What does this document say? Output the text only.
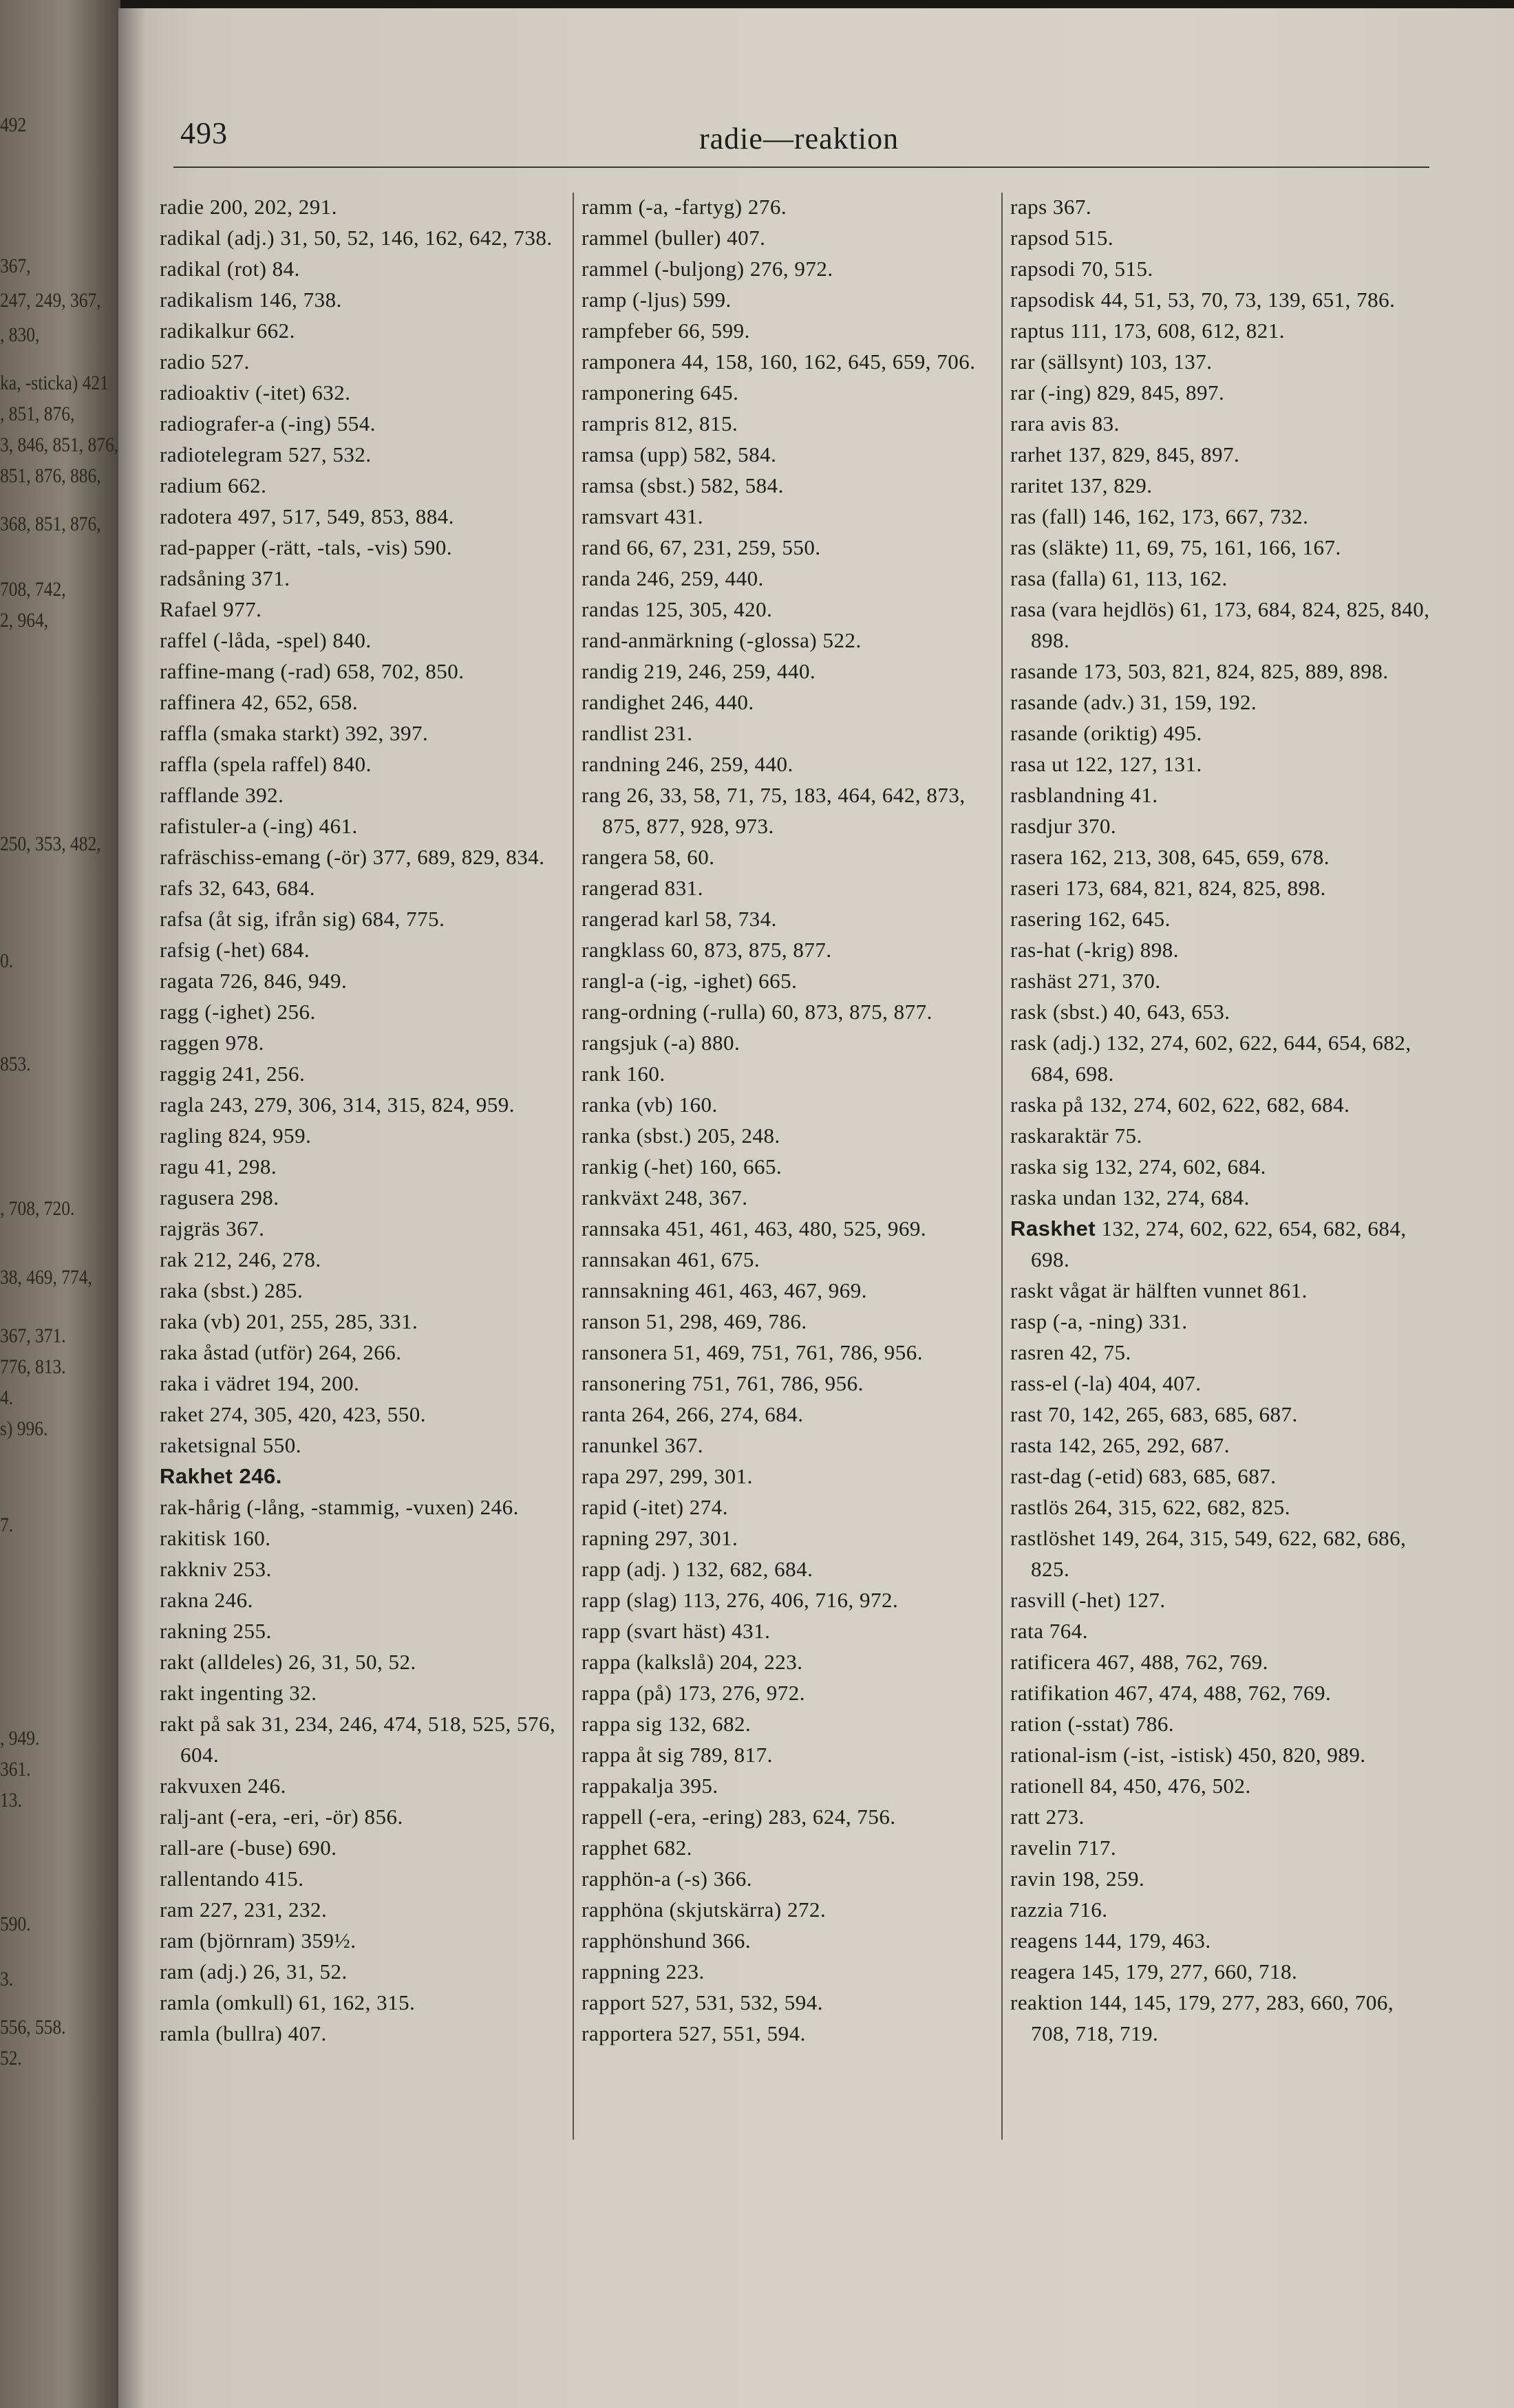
492
367,
247, 249, 367,
, 830,
ka, -sticka) 421
, 851, 876,
3, 846, 851, 876,
851, 876, 886,
368, 851, 876,
708, 742,
2, 964,
250, 353, 482,
0.
853.
, 708, 720.
38, 469, 774,
367, 371.
776, 813.
4.
s) 996.
7.
, 949.
361.
13.
590.
3.
556, 558.
52.
493	radie—reaktion

radie 200, 202, 291.

radikal (adj.) 31, 50, 52, 146, 162, 642, 738.

radikal (rot) 84.

radikalism 146, 738.

radikalkur 662.

radio 527.

radioaktiv (-itet) 632.

radiografer-a (-ing) 554.

radiotelegram 527, 532.

radium 662.

radotera 497, 517, 549, 853, 884.

rad-papper (-rätt, -tals, -vis) 590.

radsåning 371.

Rafael 977.

raffel (-låda, -spel) 840.

raffine-mang (-rad) 658, 702, 850.

raffinera 42, 652, 658.

raffla (smaka starkt) 392, 397.

raffla (spela raffel) 840.

rafflande 392.

rafistuler-a (-ing) 461.

rafräschiss-emang (-ör) 377, 689, 829, 834.

rafs 32, 643, 684.

rafsa (åt sig, ifrån sig) 684, 775.

rafsig (-het) 684.

ragata 726, 846, 949.

ragg (-ighet) 256.

raggen 978.

raggig 241, 256.

ragla 243, 279, 306, 314, 315, 824, 959.

ragling 824, 959.

ragu 41, 298.

ragusera 298.

rajgräs 367.

rak 212, 246, 278.

raka (sbst.) 285.

raka (vb) 201, 255, 285, 331.

raka åstad (utför) 264, 266.

raka i vädret 194, 200.

raket 274, 305, 420, 423, 550.

raketsignal 550.

Rakhet 246.

rak-hårig (-lång, -stammig, -vuxen) 246.

rakitisk 160.

rakkniv 253.

rakna 246.

rakning 255.

rakt (alldeles) 26, 31, 50, 52.

rakt ingenting 32.

rakt på sak 31, 234, 246, 474, 518, 525, 576, 604.

rakvuxen 246.

ralj-ant (-era, -eri, -ör) 856.

rall-are (-buse) 690.

rallentando 415.

ram 227, 231, 232.

ram (björnram) 359½.

ram (adj.) 26, 31, 52.

ramla (omkull) 61, 162, 315.

ramla (bullra) 407.

ramm (-a, -fartyg) 276.

rammel (buller) 407.

rammel (-buljong) 276, 972.

ramp (-ljus) 599.

rampfeber 66, 599.

ramponera 44, 158, 160, 162, 645, 659, 706.

ramponering 645.

rampris 812, 815.

ramsa (upp) 582, 584.

ramsa (sbst.) 582, 584.

ramsvart 431.

rand 66, 67, 231, 259, 550.

randa 246, 259, 440.

randas 125, 305, 420.

rand-anmärkning (-glossa) 522.

randig 219, 246, 259, 440.

randighet 246, 440.

randlist 231.

randning 246, 259, 440.

rang 26, 33, 58, 71, 75, 183, 464, 642, 873, 875, 877, 928, 973.

rangera 58, 60.

rangerad 831.

rangerad karl 58, 734.

rangklass 60, 873, 875, 877.

rangl-a (-ig, -ighet) 665.

rang-ordning (-rulla) 60, 873, 875, 877.

rangsjuk (-a) 880.

rank 160.

ranka (vb) 160.

ranka (sbst.) 205, 248.

rankig (-het) 160, 665.

rankväxt 248, 367.

rannsaka 451, 461, 463, 480, 525, 969.

rannsakan 461, 675.

rannsakning 461, 463, 467, 969.

ranson 51, 298, 469, 786.

ransonera 51, 469, 751, 761, 786, 956.

ransonering 751, 761, 786, 956.

ranta 264, 266, 274, 684.

ranunkel 367.

rapa 297, 299, 301.

rapid (-itet) 274.

rapning 297, 301.

rapp (adj. ) 132, 682, 684.

rapp (slag) 113, 276, 406, 716, 972.

rapp (svart häst) 431.

rappa (kalkslå) 204, 223.

rappa (på) 173, 276, 972.

rappa sig 132, 682.

rappa åt sig 789, 817.

rappakalja 395.

rappell (-era, -ering) 283, 624, 756.

rapphet 682.

rapphön-a (-s) 366.

rapphöna (skjutskärra) 272.

rapphönshund 366.

rappning 223.

rapport 527, 531, 532, 594.

rapportera 527, 551, 594.

raps 367.

rapsod 515.

rapsodi 70, 515.

rapsodisk 44, 51, 53, 70, 73, 139, 651, 786.

raptus 111, 173, 608, 612, 821.

rar (sällsynt) 103, 137.

rar (-ing) 829, 845, 897.

rara avis 83.

rarhet 137, 829, 845, 897.

raritet 137, 829.

ras (fall) 146, 162, 173, 667, 732.

ras (släkte) 11, 69, 75, 161, 166, 167.

rasa (falla) 61, 113, 162.

rasa (vara hejdlös) 61, 173, 684, 824, 825, 840, 898.

rasande 173, 503, 821, 824, 825, 889, 898.

rasande (adv.) 31, 159, 192.

rasande (oriktig) 495.

rasa ut 122, 127, 131.

rasblandning 41.

rasdjur 370.

rasera 162, 213, 308, 645, 659, 678.

raseri 173, 684, 821, 824, 825, 898.

rasering 162, 645.

ras-hat (-krig) 898.

rashäst 271, 370.

rask (sbst.) 40, 643, 653.

rask (adj.) 132, 274, 602, 622, 644, 654, 682, 684, 698.

raska på 132, 274, 602, 622, 682, 684.

raskaraktär 75.

raska sig 132, 274, 602, 684.

raska undan 132, 274, 684.

Raskhet 132, 274, 602, 622, 654, 682, 684, 698.

raskt vågat är hälften vunnet 861.

rasp (-a, -ning) 331.

rasren 42, 75.

rass-el (-la) 404, 407.

rast 70, 142, 265, 683, 685, 687.

rasta 142, 265, 292, 687.

rast-dag (-etid) 683, 685, 687.

rastlös 264, 315, 622, 682, 825.

rastlöshet 149, 264, 315, 549, 622, 682, 686, 825.

rasvill (-het) 127.

rata 764.

ratificera 467, 488, 762, 769.

ratifikation 467, 474, 488, 762, 769.

ration (-sstat) 786.

rational-ism (-ist, -istisk) 450, 820, 989.

rationell 84, 450, 476, 502.

ratt 273.

ravelin 717.

ravin 198, 259.

razzia 716.

reagens 144, 179, 463.

reagera 145, 179, 277, 660, 718.

reaktion 144, 145, 179, 277, 283, 660, 706, 708, 718, 719.
